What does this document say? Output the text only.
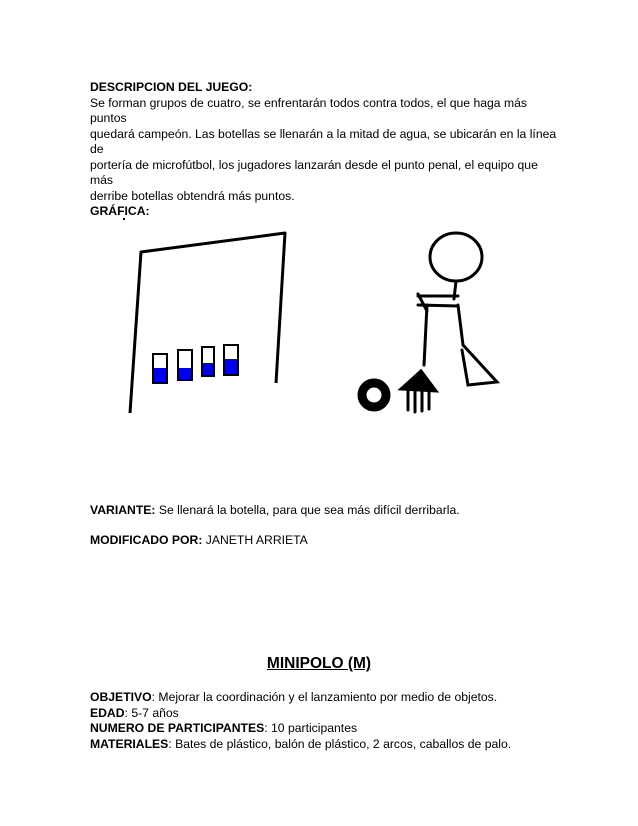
DESCRIPCION DEL JUEGO:

Se forman grupos de cuatro, se enfrentarán todos contra todos, el que haga más puntos

quedará campeón. Las botellas se llenarán a la mitad de agua, se ubicarán en la línea de

portería de microfútbol, los jugadores lanzarán desde el punto penal, el equipo que más

derribe botellas obtendrá más puntos.

GRÁFICA:

VARIANTE: Se llenará la botella, para que sea más difícil derribarla.
MODIFICADO POR: JANETH ARRIETA
MINIPOLO (M)

OBJETIVO: Mejorar la coordinación y el lanzamiento por medio de objetos.

EDAD: 5-7 años

NUMERO DE PARTICIPANTES: 10 participantes

MATERIALES: Bates de plástico, balón de plástico, 2 arcos, caballos de palo.
